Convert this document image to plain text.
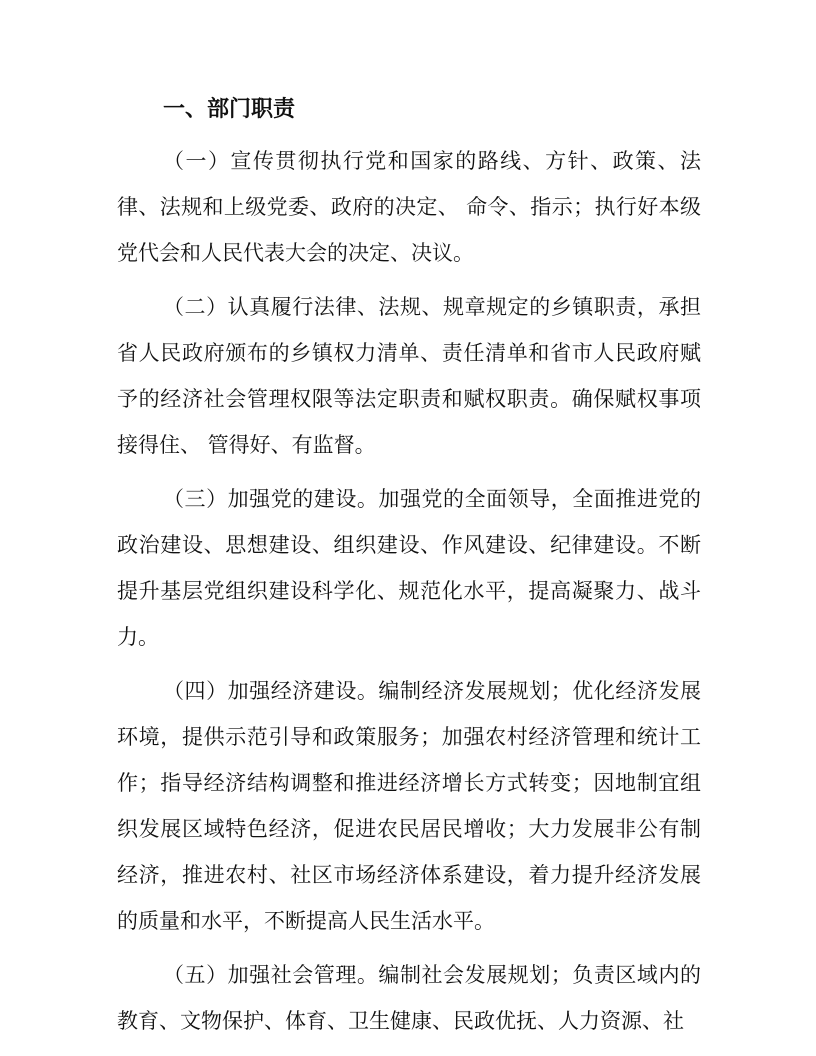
一、部门职责

（一）宣传贯彻执行党和国家的路线、方针、政策、法律、法规和上级党委、政府的决定、 命令、指示；执行好本级党代会和人民代表大会的决定、决议。

（二）认真履行法律、法规、规章规定的乡镇职责，承担省人民政府颁布的乡镇权力清单、责任清单和省市人民政府赋予的经济社会管理权限等法定职责和赋权职责。确保赋权事项接得住、 管得好、有监督。

（三）加强党的建设。加强党的全面领导，全面推进党的政治建设、思想建设、组织建设、作风建设、纪律建设。不断提升基层党组织建设科学化、规范化水平，提高凝聚力、战斗力。

（四）加强经济建设。编制经济发展规划；优化经济发展环境，提供示范引导和政策服务；加强农村经济管理和统计工作；指导经济结构调整和推进经济增长方式转变；因地制宜组织发展区域特色经济，促进农民居民增收；大力发展非公有制经济，推进农村、社区市场经济体系建设，着力提升经济发展的质量和水平，不断提高人民生活水平。

（五）加强社会管理。编制社会发展规划；负责区域内的教育、文物保护、体育、卫生健康、民政优抚、人力资源、社
